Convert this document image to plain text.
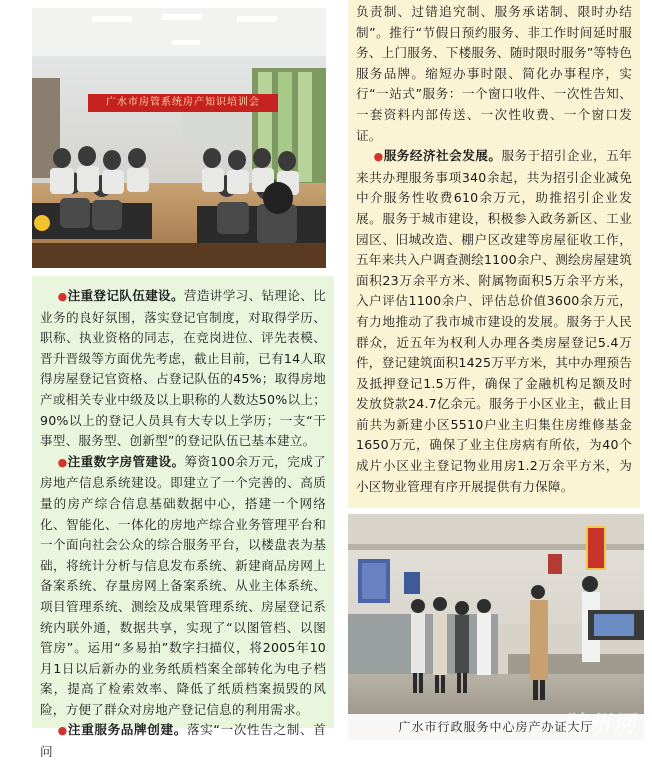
广水市房管系统房产知识培训会

●注重登记队伍建设。营造讲学习、钻理论、比业务的良好氛围，落实登记官制度，对取得学历、职称、执业资格的同志，在竞岗进位、评先表模、晋升晋级等方面优先考虑，截止目前，已有14人取得房屋登记官资格、占登记队伍的45%；取得房地产或相关专业中级及以上职称的人数达50%以上；90%以上的登记人员具有大专以上学历；一支“干事型、服务型、创新型”的登记队伍已基本建立。

●注重数字房管建设。筹资100余万元，完成了房地产信息系统建设。即建立了一个完善的、高质量的房产综合信息基础数据中心，搭建一个网络化、智能化、一体化的房地产综合业务管理平台和一个面向社会公众的综合服务平台，以楼盘表为基础，将统计分析与信息发布系统、新建商品房网上备案系统、存量房网上备案系统、从业主体系统、项目管理系统、测绘及成果管理系统、房屋登记系统内联外通，数据共享，实现了“以图管档、以图管房”。运用“多易拍”数字扫描仪，将2005年10月1日以后新办的业务纸质档案全部转化为电子档案，提高了检索效率、降低了纸质档案损毁的风险，方便了群众对房地产登记信息的利用需求。

●注重服务品牌创建。落实“一次性告之制、首问

负责制、过错追究制、服务承诺制、限时办结制”。推行“节假日预约服务、非工作时间延时服务、上门服务、下楼服务、随时限时服务”等特色服务品牌。缩短办事时限、简化办事程序，实行“一站式”服务：一个窗口收件、一次性告知、一套资料内部传送、一次性收费、一个窗口发证。

●服务经济社会发展。服务于招引企业，五年来共办理服务事项340余起，共为招引企业减免中介服务性收费610余万元，助推招引企业发展。服务于城市建设，积极参入政务新区、工业园区、旧城改造、棚户区改建等房屋征收工作，五年来共入户调查测绘1100余户、测绘房屋建筑面积23万余平方米、附属物面积5万余平方米，入户评估1100余户、评估总价值3600余万元，有力地推动了我市城市建设的发展。服务于人民群众，近五年为权利人办理各类房屋登记5.4万件，登记建筑面积1425万平方米，其中办理预告及抵押登记1.5万件，确保了金融机构足额及时发放贷款24.7亿余元。服务于小区业主，截止目前共为新建小区5510户业主归集住房维修基金1650万元，确保了业主住房病有所依，为40个成片小区业主登记物业用房1.2万余平方米，为小区物业管理有序开展提供有力保障。

广水市行政服务中心房产办证大厅
